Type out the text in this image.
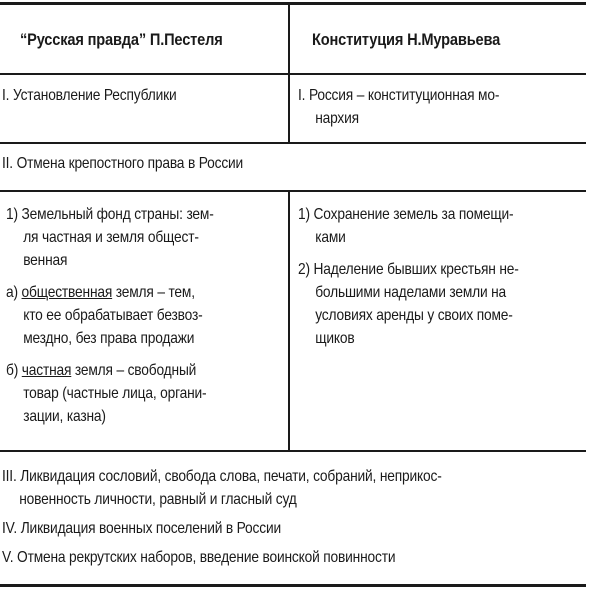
“Русская правда” П.Пестеля	Конституция Н.Муравьева
I. Установление Республики	I. Россия – конституционная мо-
нархия
II. Отмена крепостного права в России
1) Земельный фонд страны: зем-
ля частная и земля общест-
венная
а) общественная земля – тем,
кто ее обрабатывает безвоз-
мездно, без права продажи
б) частная земля – свободный
товар (частные лица, органи-
зации, казна)
1) Сохранение земель за помещи-
ками
2) Наделение бывших крестьян не-
большими наделами земли на
условиях аренды у своих поме-
щиков
III. Ликвидация сословий, свобода слова, печати, собраний, неприкос-
новенность личности, равный и гласный суд
IV. Ликвидация военных поселений в России
V. Отмена рекрутских наборов, введение воинской повинности
